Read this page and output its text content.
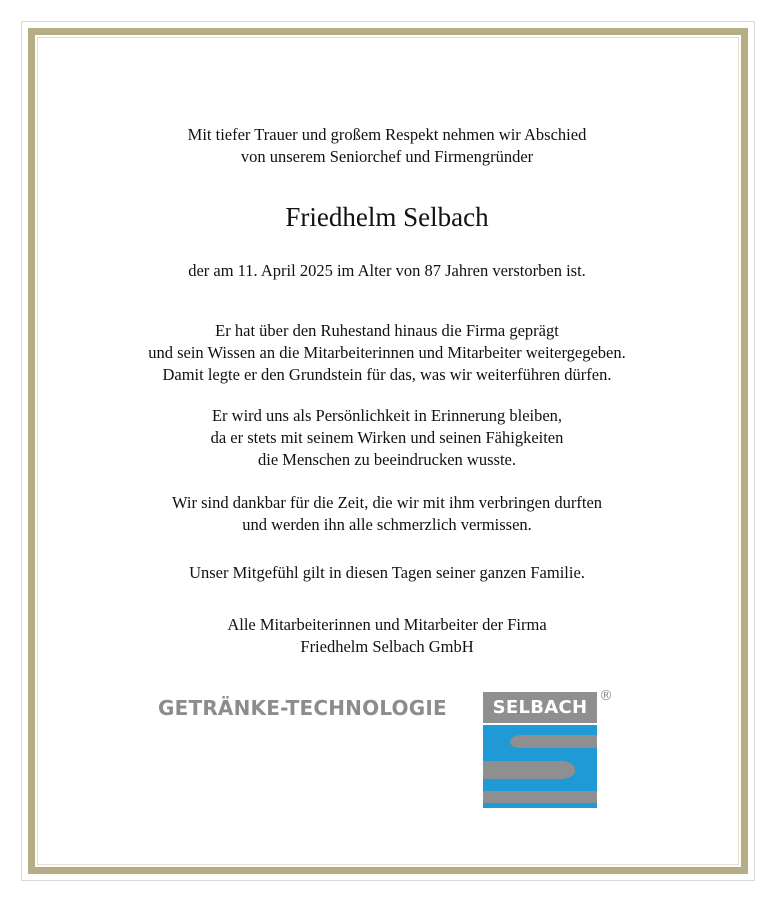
Mit tiefer Trauer und großem Respekt nehmen wir Abschied
von unserem Seniorchef und Firmengründer
Friedhelm Selbach
der am 11. April 2025 im Alter von 87 Jahren verstorben ist.
Er hat über den Ruhestand hinaus die Firma geprägt
und sein Wissen an die Mitarbeiterinnen und Mitarbeiter weitergegeben.
Damit legte er den Grundstein für das, was wir weiterführen dürfen.
Er wird uns als Persönlichkeit in Erinnerung bleiben,
da er stets mit seinem Wirken und seinen Fähigkeiten
die Menschen zu beeindrucken wusste.
Wir sind dankbar für die Zeit, die wir mit ihm verbringen durften
und werden ihn alle schmerzlich vermissen.
Unser Mitgefühl gilt in diesen Tagen seiner ganzen Familie.
Alle Mitarbeiterinnen und Mitarbeiter der Firma
Friedhelm Selbach GmbH
GETRÄNKE-TECHNOLOGIE	SELBACH
®
